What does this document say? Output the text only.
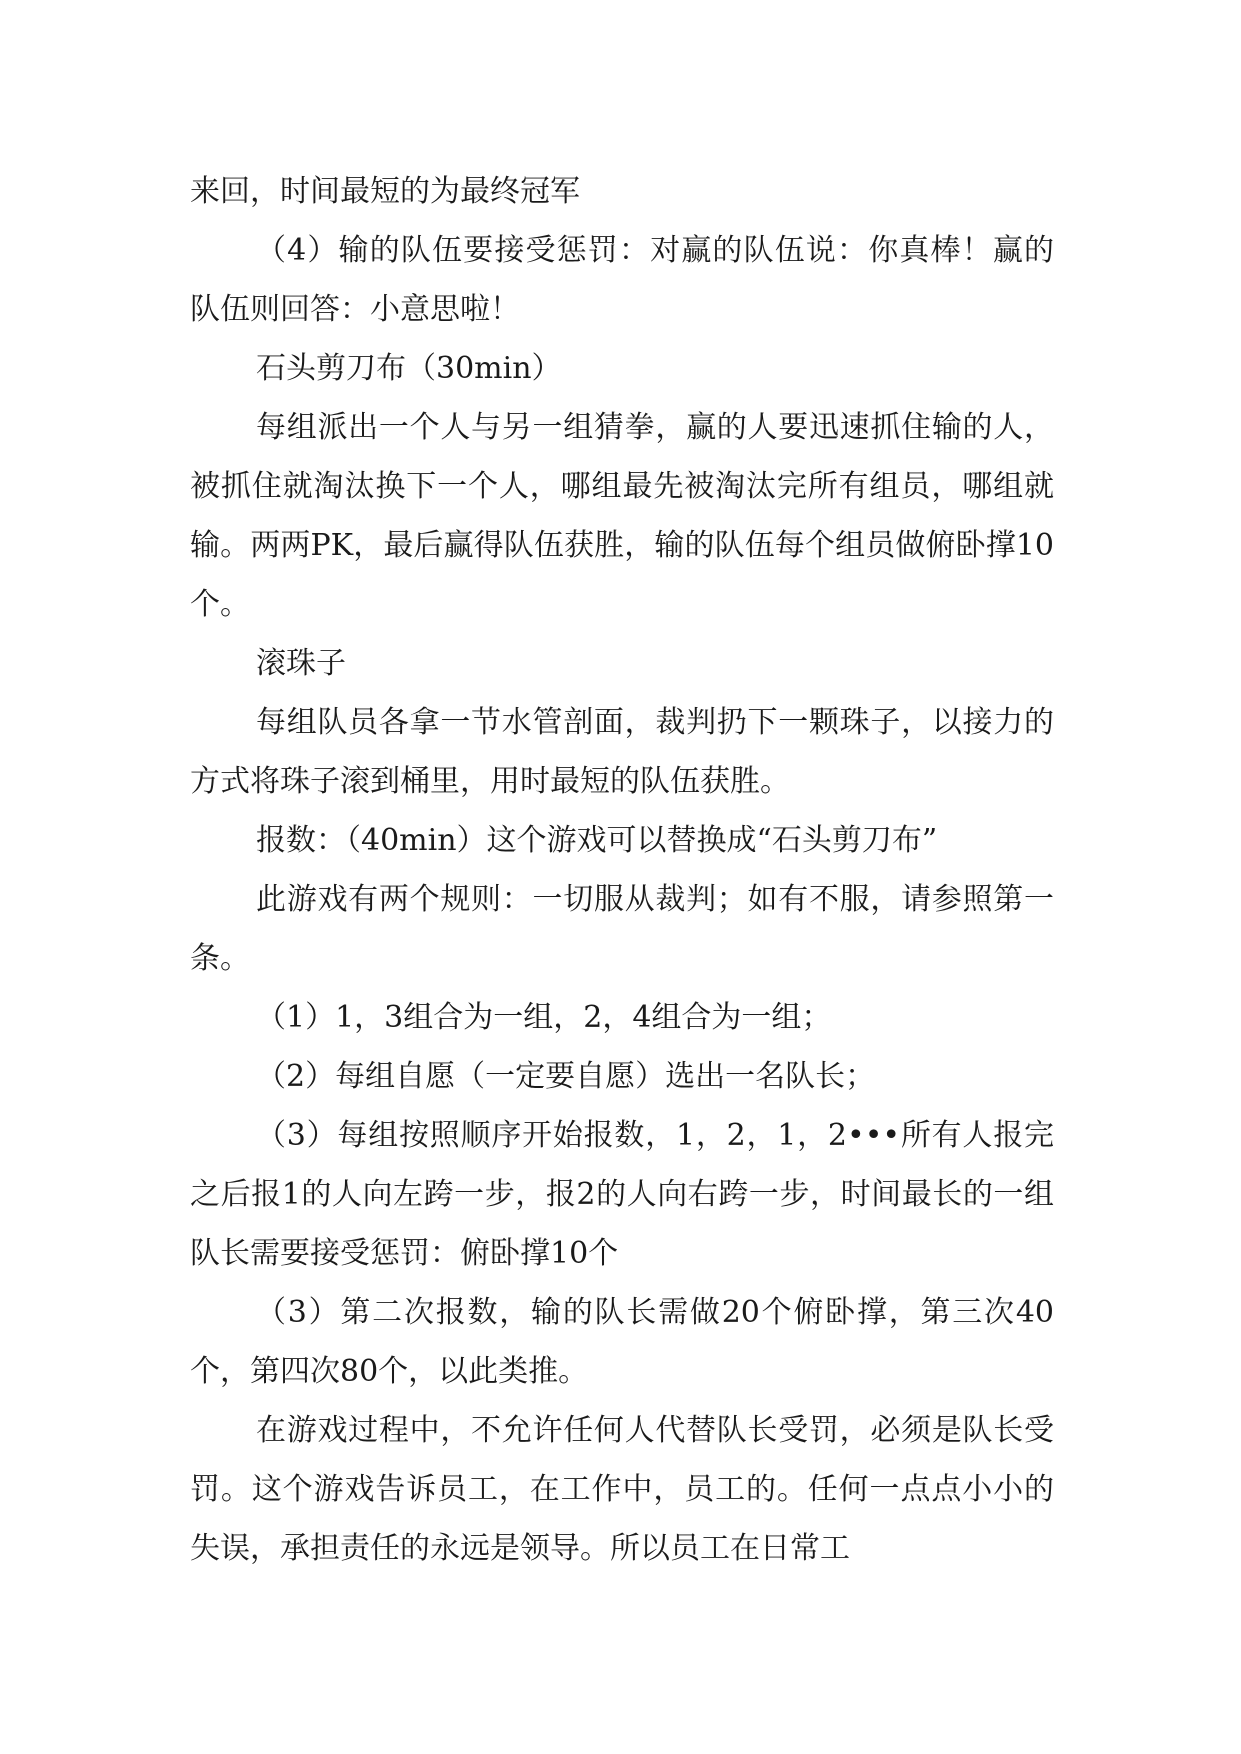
来回，时间最短的为最终冠军

（4）输的队伍要接受惩罚：对赢的队伍说：你真棒！赢的队伍则回答：小意思啦！

石头剪刀布（30min）

每组派出一个人与另一组猜拳，赢的人要迅速抓住输的人，被抓住就淘汰换下一个人，哪组最先被淘汰完所有组员，哪组就输。两两PK，最后赢得队伍获胜，输的队伍每个组员做俯卧撑10个。

滚珠子

每组队员各拿一节水管剖面，裁判扔下一颗珠子，以接力的方式将珠子滚到桶里，用时最短的队伍获胜。

报数：（40min）这个游戏可以替换成“石头剪刀布”

此游戏有两个规则：一切服从裁判；如有不服，请参照第一条。

（1）1，3组合为一组，2，4组合为一组；

（2）每组自愿（一定要自愿）选出一名队长；

（3）每组按照顺序开始报数，1，2，1，2•••所有人报完之后报1的人向左跨一步，报2的人向右跨一步，时间最长的一组队长需要接受惩罚：俯卧撑10个

（3）第二次报数，输的队长需做20个俯卧撑，第三次40个，第四次80个，以此类推。

在游戏过程中，不允许任何人代替队长受罚，必须是队长受罚。这个游戏告诉员工，在工作中，员工的。任何一点点小小的失误，承担责任的永远是领导。所以员工在日常工
